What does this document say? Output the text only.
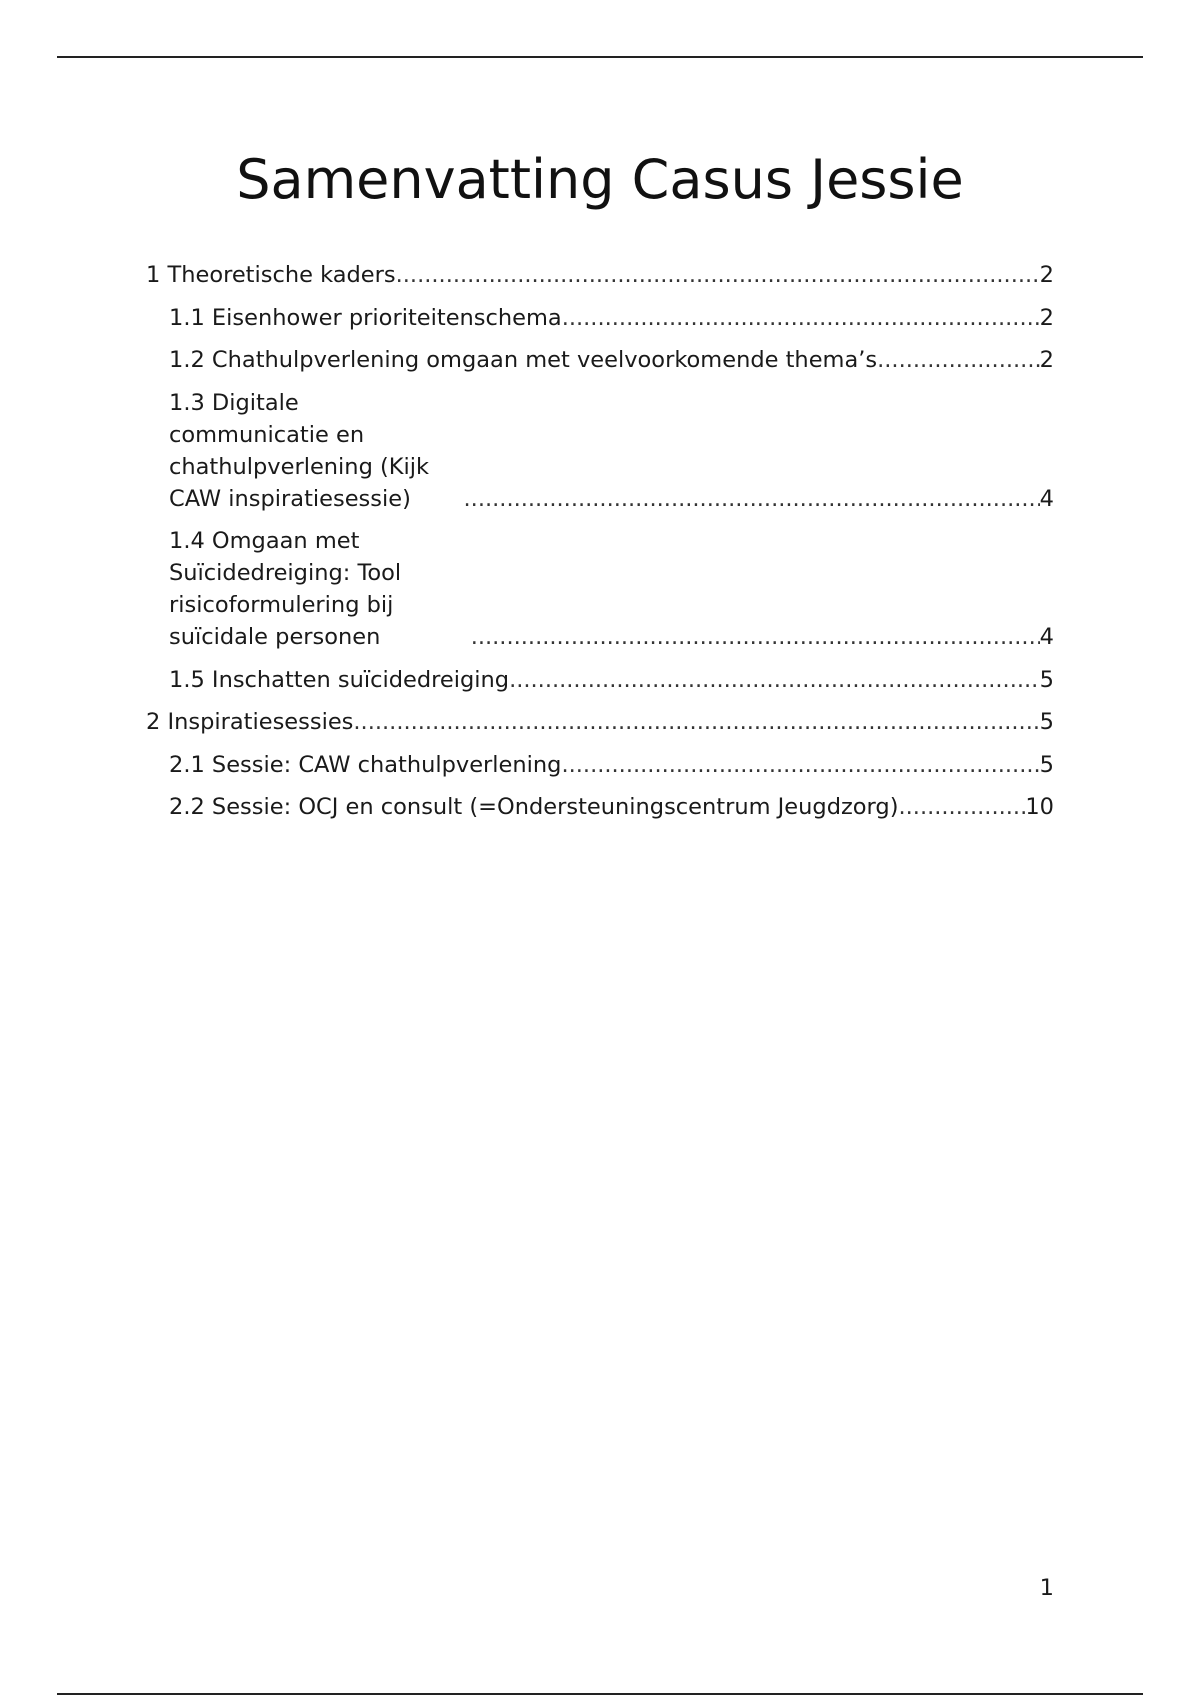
Samenvatting Casus Jessie
1 Theoretische kaders .....	2
1.1 Eisenhower prioriteitenschema .....	2
1.2 Chathulpverlening omgaan met veelvoorkomende thema’s .....	2
1.3 Digitale communicatie en chathulpverlening (Kijk CAW inspiratiesessie) .....	4
1.4 Omgaan met Suïcidedreiging: Tool risicoformulering bij suïcidale personen .....	4
1.5 Inschatten suïcidedreiging .....	5
2 Inspiratiesessies .....	5
2.1 Sessie: CAW chathulpverlening .....	5
2.2 Sessie: OCJ en consult (=Ondersteuningscentrum Jeugdzorg) .....	10
1
